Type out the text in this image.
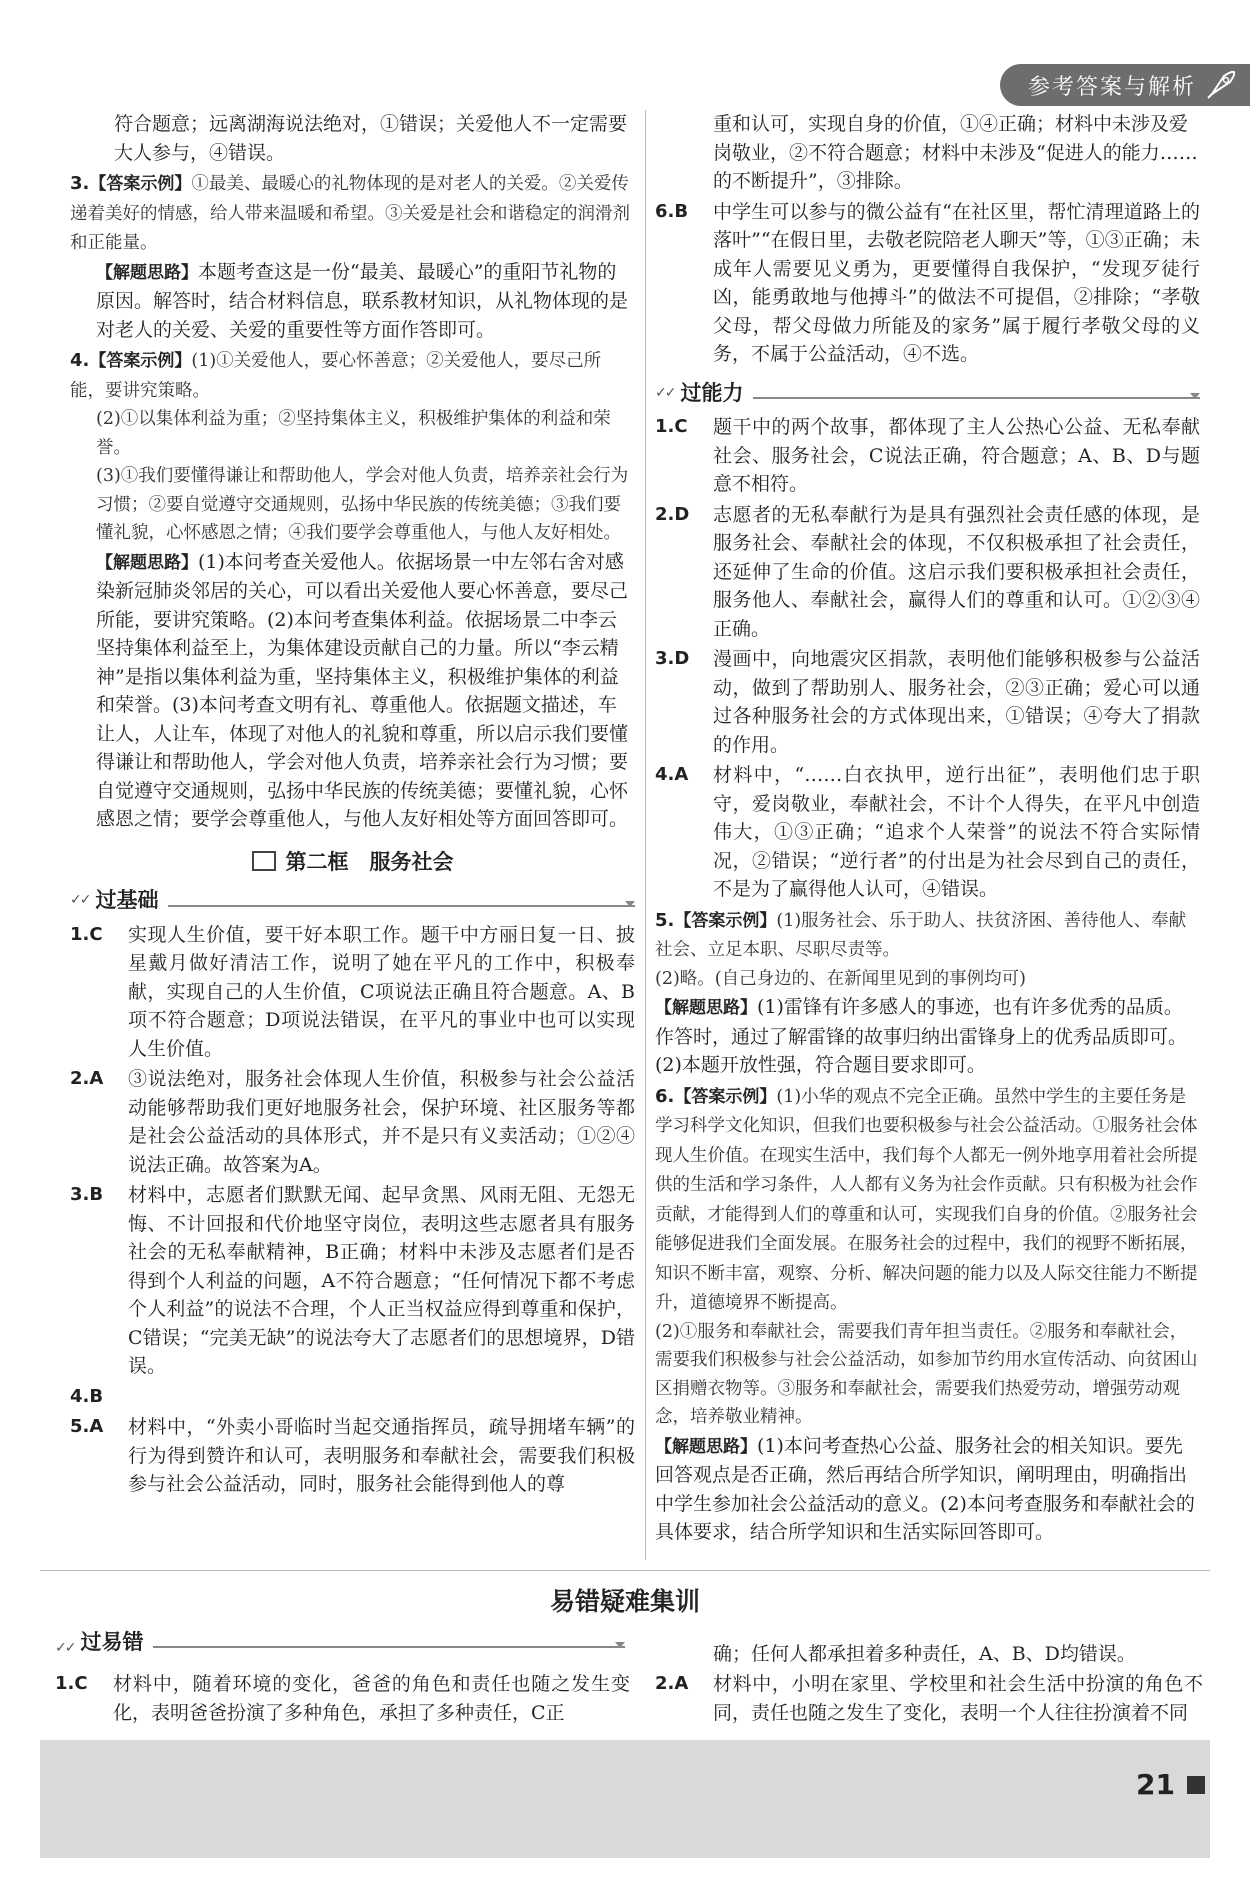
参考答案与解析
符合题意；远离湖海说法绝对，①错误；关爱他人不一定需要大人参与，④错误。
3.【答案示例】①最美、最暖心的礼物体现的是对老人的关爱。②关爱传递着美好的情感，给人带来温暖和希望。③关爱是社会和谐稳定的润滑剂和正能量。
【解题思路】本题考查这是一份“最美、最暖心”的重阳节礼物的原因。解答时，结合材料信息，联系教材知识，从礼物体现的是对老人的关爱、关爱的重要性等方面作答即可。
4.【答案示例】(1)①关爱他人，要心怀善意；②关爱他人，要尽己所能，要讲究策略。
(2)①以集体利益为重；②坚持集体主义，积极维护集体的利益和荣誉。
(3)①我们要懂得谦让和帮助他人，学会对他人负责，培养亲社会行为习惯；②要自觉遵守交通规则，弘扬中华民族的传统美德；③我们要懂礼貌，心怀感恩之情；④我们要学会尊重他人，与他人友好相处。
【解题思路】(1)本问考查关爱他人。依据场景一中左邻右舍对感染新冠肺炎邻居的关心，可以看出关爱他人要心怀善意，要尽己所能，要讲究策略。(2)本问考查集体利益。依据场景二中李云坚持集体利益至上，为集体建设贡献自己的力量。所以“李云精神”是指以集体利益为重，坚持集体主义，积极维护集体的利益和荣誉。(3)本问考查文明有礼、尊重他人。依据题文描述，车让人，人让车，体现了对他人的礼貌和尊重，所以启示我们要懂得谦让和帮助他人，学会对他人负责，培养亲社会行为习惯；要自觉遵守交通规则，弘扬中华民族的传统美德；要懂礼貌，心怀感恩之情；要学会尊重他人，与他人友好相处等方面回答即可。
第二框　服务社会
✓✓ 过基础
1.C	实现人生价值，要干好本职工作。题干中方丽日复一日、披星戴月做好清洁工作，说明了她在平凡的工作中，积极奉献，实现自己的人生价值，C项说法正确且符合题意。A、B项不符合题意；D项说法错误，在平凡的事业中也可以实现人生价值。
2.A	③说法绝对，服务社会体现人生价值，积极参与社会公益活动能够帮助我们更好地服务社会，保护环境、社区服务等都是社会公益活动的具体形式，并不是只有义卖活动；①②④说法正确。故答案为A。
3.B	材料中，志愿者们默默无闻、起早贪黑、风雨无阻、无怨无悔、不计回报和代价地坚守岗位，表明这些志愿者具有服务社会的无私奉献精神，B正确；材料中未涉及志愿者们是否得到个人利益的问题，A不符合题意；“任何情况下都不考虑个人利益”的说法不合理，个人正当权益应得到尊重和保护，C错误；“完美无缺”的说法夸大了志愿者们的思想境界，D错误。
4.B
5.A	材料中，“外卖小哥临时当起交通指挥员，疏导拥堵车辆”的行为得到赞许和认可，表明服务和奉献社会，需要我们积极参与社会公益活动，同时，服务社会能得到他人的尊
重和认可，实现自身的价值，①④正确；材料中未涉及爱岗敬业，②不符合题意；材料中未涉及“促进人的能力……的不断提升”，③排除。
6.B	中学生可以参与的微公益有“在社区里，帮忙清理道路上的落叶”“在假日里，去敬老院陪老人聊天”等，①③正确；未成年人需要见义勇为，更要懂得自我保护，“发现歹徒行凶，能勇敢地与他搏斗”的做法不可提倡，②排除；“孝敬父母，帮父母做力所能及的家务”属于履行孝敬父母的义务，不属于公益活动，④不选。
✓✓ 过能力
1.C	题干中的两个故事，都体现了主人公热心公益、无私奉献社会、服务社会，C说法正确，符合题意；A、B、D与题意不相符。
2.D	志愿者的无私奉献行为是具有强烈社会责任感的体现，是服务社会、奉献社会的体现，不仅积极承担了社会责任，还延伸了生命的价值。这启示我们要积极承担社会责任，服务他人、奉献社会，赢得人们的尊重和认可。①②③④正确。
3.D	漫画中，向地震灾区捐款，表明他们能够积极参与公益活动，做到了帮助别人、服务社会，②③正确；爱心可以通过各种服务社会的方式体现出来，①错误；④夸大了捐款的作用。
4.A	材料中，“……白衣执甲，逆行出征”，表明他们忠于职守，爱岗敬业，奉献社会，不计个人得失，在平凡中创造伟大，①③正确；“追求个人荣誉”的说法不符合实际情况，②错误；“逆行者”的付出是为社会尽到自己的责任，不是为了赢得他人认可，④错误。
5.【答案示例】(1)服务社会、乐于助人、扶贫济困、善待他人、奉献社会、立足本职、尽职尽责等。
(2)略。(自己身边的、在新闻里见到的事例均可)
【解题思路】(1)雷锋有许多感人的事迹，也有许多优秀的品质。作答时，通过了解雷锋的故事归纳出雷锋身上的优秀品质即可。(2)本题开放性强，符合题目要求即可。
6.【答案示例】(1)小华的观点不完全正确。虽然中学生的主要任务是学习科学文化知识，但我们也要积极参与社会公益活动。①服务社会体现人生价值。在现实生活中，我们每个人都无一例外地享用着社会所提供的生活和学习条件，人人都有义务为社会作贡献。只有积极为社会作贡献，才能得到人们的尊重和认可，实现我们自身的价值。②服务社会能够促进我们全面发展。在服务社会的过程中，我们的视野不断拓展，知识不断丰富，观察、分析、解决问题的能力以及人际交往能力不断提升，道德境界不断提高。
(2)①服务和奉献社会，需要我们青年担当责任。②服务和奉献社会，需要我们积极参与社会公益活动，如参加节约用水宣传活动、向贫困山区捐赠衣物等。③服务和奉献社会，需要我们热爱劳动，增强劳动观念，培养敬业精神。
【解题思路】(1)本问考查热心公益、服务社会的相关知识。要先回答观点是否正确，然后再结合所学知识，阐明理由，明确指出中学生参加社会公益活动的意义。(2)本问考查服务和奉献社会的具体要求，结合所学知识和生活实际回答即可。
易错疑难集训
✓✓ 过易错
1.C	材料中，随着环境的变化，爸爸的角色和责任也随之发生变化，表明爸爸扮演了多种角色，承担了多种责任，C正
确；任何人都承担着多种责任，A、B、D均错误。
2.A	材料中，小明在家里、学校里和社会生活中扮演的角色不同，责任也随之发生了变化，表明一个人往往扮演着不同
21
